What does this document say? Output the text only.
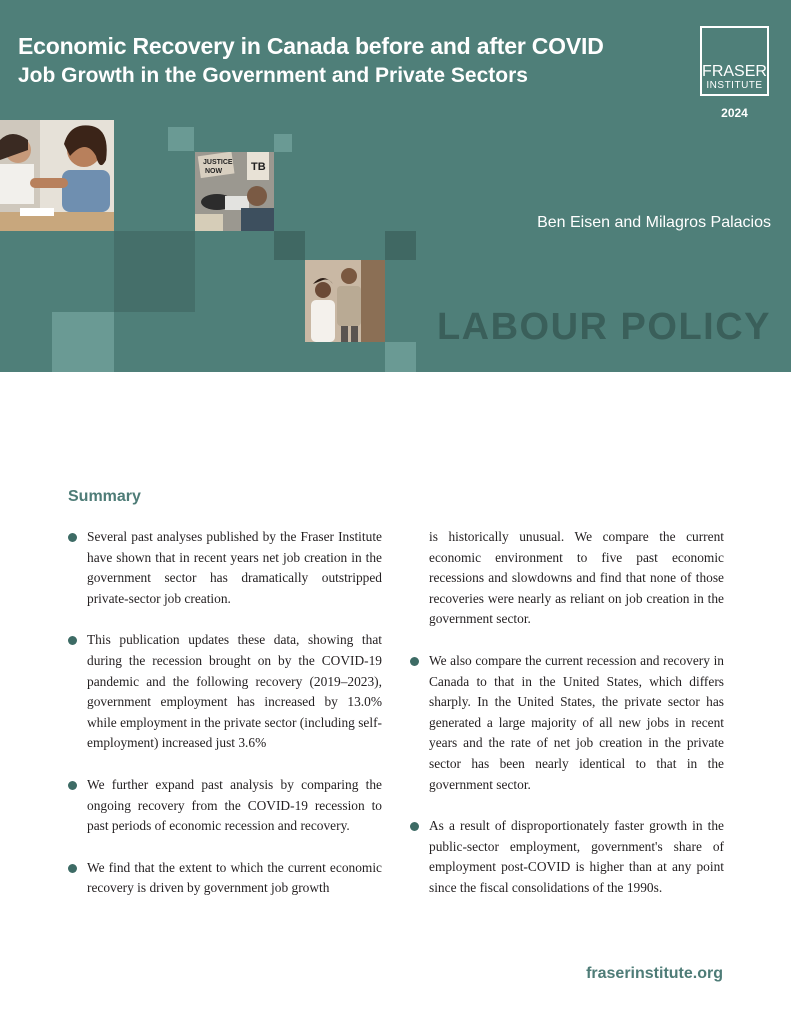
Economic Recovery in Canada before and after COVID
Job Growth in the Government and Private Sectors	FRASER
INSTITUTE
2024
JUSTICE
NOW	TB
Ben Eisen and Milagros Palacios
LABOUR POLICY
Summary
Several past analyses published by the Fraser Institute have shown that in recent years net job creation in the government sector has dramatically outstripped private-sector job creation.
This publication updates these data, showing that during the recession brought on by the COVID-19 pandemic and the following recovery (2019–2023), government employment has increased by 13.0% while employment in the private sector (including self-employment) increased just 3.6%
We further expand past analysis by comparing the ongoing recovery from the COVID-19 recession to past periods of economic recession and recovery.
We find that the extent to which the current economic recovery is driven by government job growth
is historically unusual. We compare the current economic environment to five past economic recessions and slowdowns and find that none of those recoveries were nearly as reliant on job creation in the government sector.
We also compare the current recession and recovery in Canada to that in the United States, which differs sharply. In the United States, the private sector has generated a large majority of all new jobs in recent years and the rate of net job creation in the private sector has been nearly identical to that in the government sector.
As a result of disproportionately faster growth in the public-sector employment, government's share of employment post-COVID is higher than at any point since the fiscal consolidations of the 1990s.
fraserinstitute.org
